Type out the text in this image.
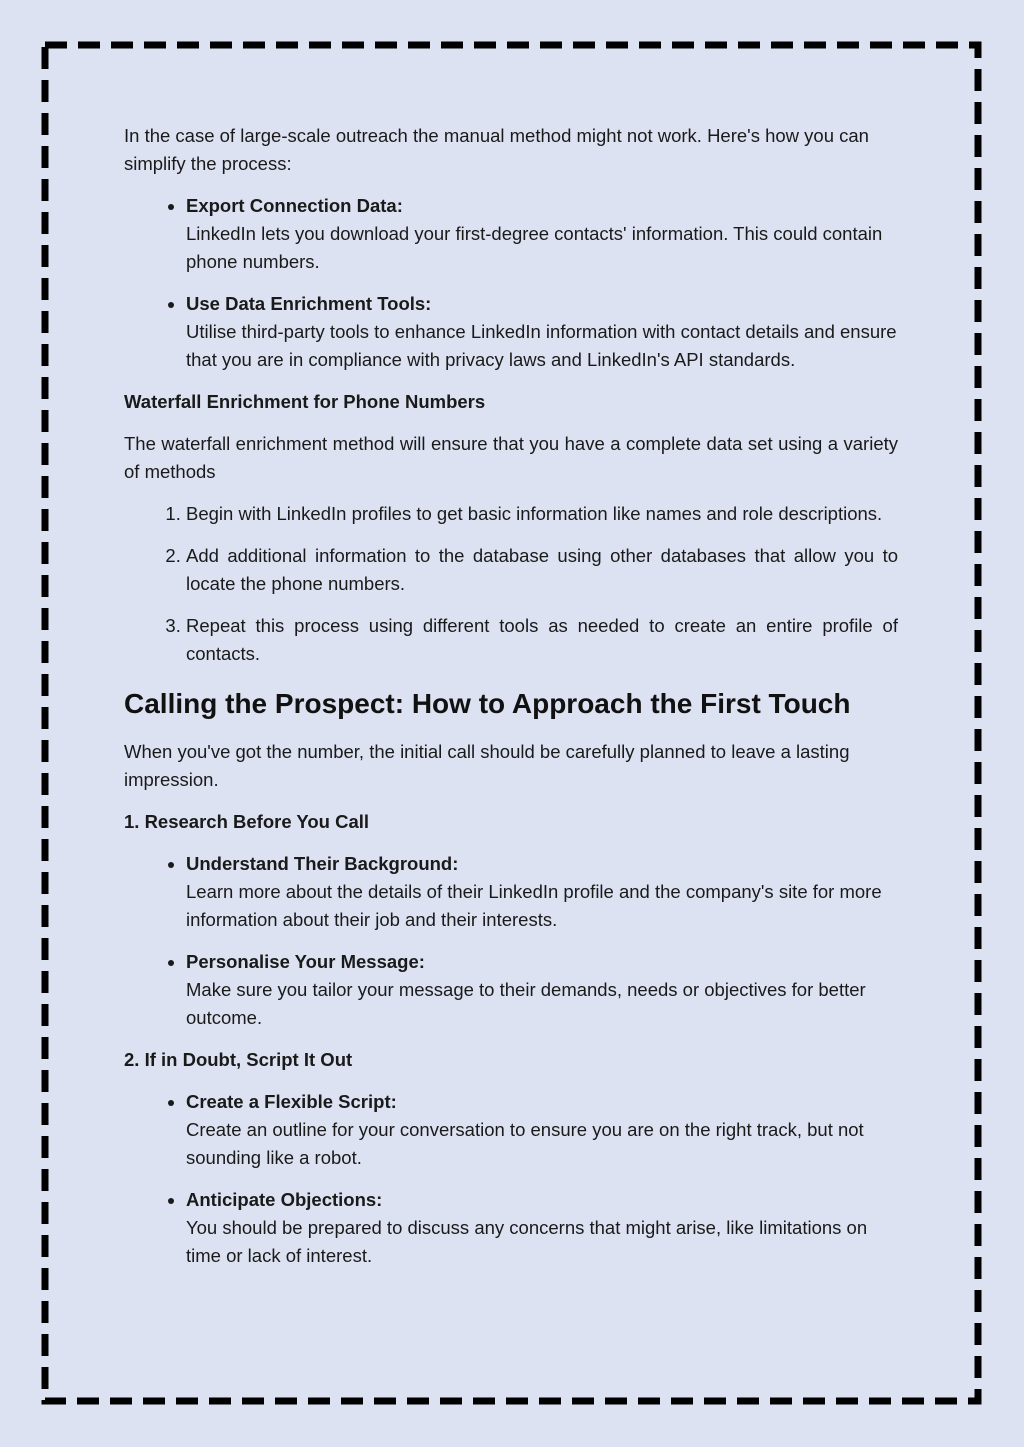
In the case of large-scale outreach the manual method might not work. Here's how you can simplify the process:

• Export Connection Data:
LinkedIn lets you download your first-degree contacts' information. This could contain phone numbers.
• Use Data Enrichment Tools:
Utilise third-party tools to enhance LinkedIn information with contact details and ensure that you are in compliance with privacy laws and LinkedIn's API standards.

Waterfall Enrichment for Phone Numbers

The waterfall enrichment method will ensure that you have a complete data set using a variety of methods

1. Begin with LinkedIn profiles to get basic information like names and role descriptions.
2. Add additional information to the database using other databases that allow you to locate the phone numbers.
3. Repeat this process using different tools as needed to create an entire profile of contacts.
Calling the Prospect: How to Approach the First Touch

When you've got the number, the initial call should be carefully planned to leave a lasting impression.

1. Research Before You Call

• Understand Their Background:
Learn more about the details of their LinkedIn profile and the company's site for more information about their job and their interests.
• Personalise Your Message:
Make sure you tailor your message to their demands, needs or objectives for better outcome.

2. If in Doubt, Script It Out

• Create a Flexible Script:
Create an outline for your conversation to ensure you are on the right track, but not sounding like a robot.
• Anticipate Objections:
You should be prepared to discuss any concerns that might arise, like limitations on time or lack of interest.
